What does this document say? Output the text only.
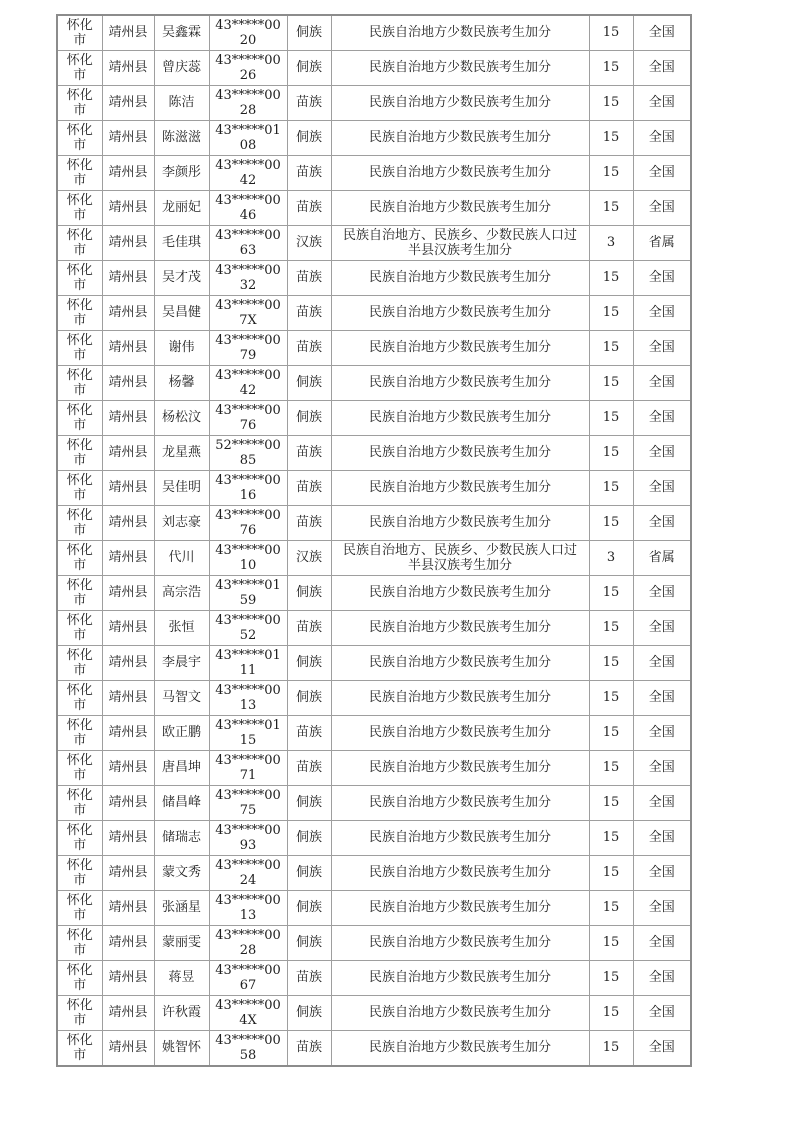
怀化市	靖州县	吴鑫霖	43*****0020	侗族	民族自治地方少数民族考生加分	15	全国
怀化市	靖州县	曾庆蕊	43*****0026	侗族	民族自治地方少数民族考生加分	15	全国
怀化市	靖州县	陈洁	43*****0028	苗族	民族自治地方少数民族考生加分	15	全国
怀化市	靖州县	陈滋滋	43*****0108	侗族	民族自治地方少数民族考生加分	15	全国
怀化市	靖州县	李颜彤	43*****0042	苗族	民族自治地方少数民族考生加分	15	全国
怀化市	靖州县	龙丽妃	43*****0046	苗族	民族自治地方少数民族考生加分	15	全国
怀化市	靖州县	毛佳琪	43*****0063	汉族	民族自治地方、民族乡、少数民族人口过半县汉族考生加分	3	省属
怀化市	靖州县	吴才茂	43*****0032	苗族	民族自治地方少数民族考生加分	15	全国
怀化市	靖州县	吴昌健	43*****007X	苗族	民族自治地方少数民族考生加分	15	全国
怀化市	靖州县	谢伟	43*****0079	苗族	民族自治地方少数民族考生加分	15	全国
怀化市	靖州县	杨馨	43*****0042	侗族	民族自治地方少数民族考生加分	15	全国
怀化市	靖州县	杨松汶	43*****0076	侗族	民族自治地方少数民族考生加分	15	全国
怀化市	靖州县	龙星燕	52*****0085	苗族	民族自治地方少数民族考生加分	15	全国
怀化市	靖州县	吴佳明	43*****0016	苗族	民族自治地方少数民族考生加分	15	全国
怀化市	靖州县	刘志豪	43*****0076	苗族	民族自治地方少数民族考生加分	15	全国
怀化市	靖州县	代川	43*****0010	汉族	民族自治地方、民族乡、少数民族人口过半县汉族考生加分	3	省属
怀化市	靖州县	高宗浩	43*****0159	侗族	民族自治地方少数民族考生加分	15	全国
怀化市	靖州县	张恒	43*****0052	苗族	民族自治地方少数民族考生加分	15	全国
怀化市	靖州县	李晨宇	43*****0111	侗族	民族自治地方少数民族考生加分	15	全国
怀化市	靖州县	马智文	43*****0013	侗族	民族自治地方少数民族考生加分	15	全国
怀化市	靖州县	欧正鹏	43*****0115	苗族	民族自治地方少数民族考生加分	15	全国
怀化市	靖州县	唐昌坤	43*****0071	苗族	民族自治地方少数民族考生加分	15	全国
怀化市	靖州县	储昌峰	43*****0075	侗族	民族自治地方少数民族考生加分	15	全国
怀化市	靖州县	储瑞志	43*****0093	侗族	民族自治地方少数民族考生加分	15	全国
怀化市	靖州县	蒙文秀	43*****0024	侗族	民族自治地方少数民族考生加分	15	全国
怀化市	靖州县	张涵星	43*****0013	侗族	民族自治地方少数民族考生加分	15	全国
怀化市	靖州县	蒙丽雯	43*****0028	侗族	民族自治地方少数民族考生加分	15	全国
怀化市	靖州县	蒋昱	43*****0067	苗族	民族自治地方少数民族考生加分	15	全国
怀化市	靖州县	许秋霞	43*****004X	侗族	民族自治地方少数民族考生加分	15	全国
怀化市	靖州县	姚智怀	43*****0058	苗族	民族自治地方少数民族考生加分	15	全国
